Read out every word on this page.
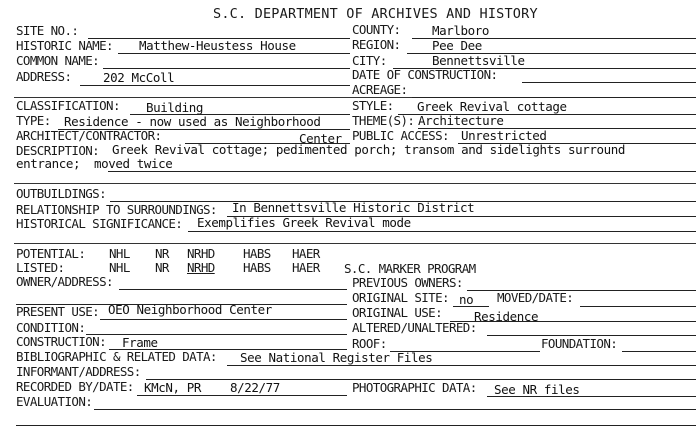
S.C. DEPARTMENT OF ARCHIVES AND HISTORY
SITE NO.:
HISTORIC NAME: Matthew-Heustess House
COMMON NAME:
ADDRESS:	202 McColl
CLASSIFICATION: Building
TYPE: Residence - now used as Neighborhood
ARCHITECT/CONTRACTOR:	Center
DESCRIPTION: Greek Revival cottage; pedimented porch; transom and sidelights surround
entrance; moved twice
COUNTY:	Marlboro
REGION:	Pee Dee
CITY:	Bennettsville
DATE OF CONSTRUCTION:
ACREAGE:
STYLE: Greek Revival cottage
THEME(S): Architecture
PUBLIC ACCESS: Unrestricted
OUTBUILDINGS:
RELATIONSHIP TO SURROUNDINGS: In Bennettsville Historic District
HISTORICAL SIGNIFICANCE: Exemplifies Greek Revival mode
POTENTIAL: NHL NR NRHD HABS HAER
LISTED:	NHL NR NRHD HABS HAER S.C. MARKER PROGRAM
OWNER/ADDRESS:	PREVIOUS OWNERS:
ORIGINAL SITE: no MOVED/DATE:
PRESENT USE: OEO Neighborhood Center	ORIGINAL USE:	Residence
CONDITION:	ALTERED/UNALTERED:
CONSTRUCTION: Frame	ROOF:	FOUNDATION:
BIBLIOGRAPHIC & RELATED DATA: See National Register Files
INFORMANT/ADDRESS:
RECORDED BY/DATE: KMcN, PR 8/22/77	PHOTOGRAPHIC DATA: See NR files
EVALUATION:
